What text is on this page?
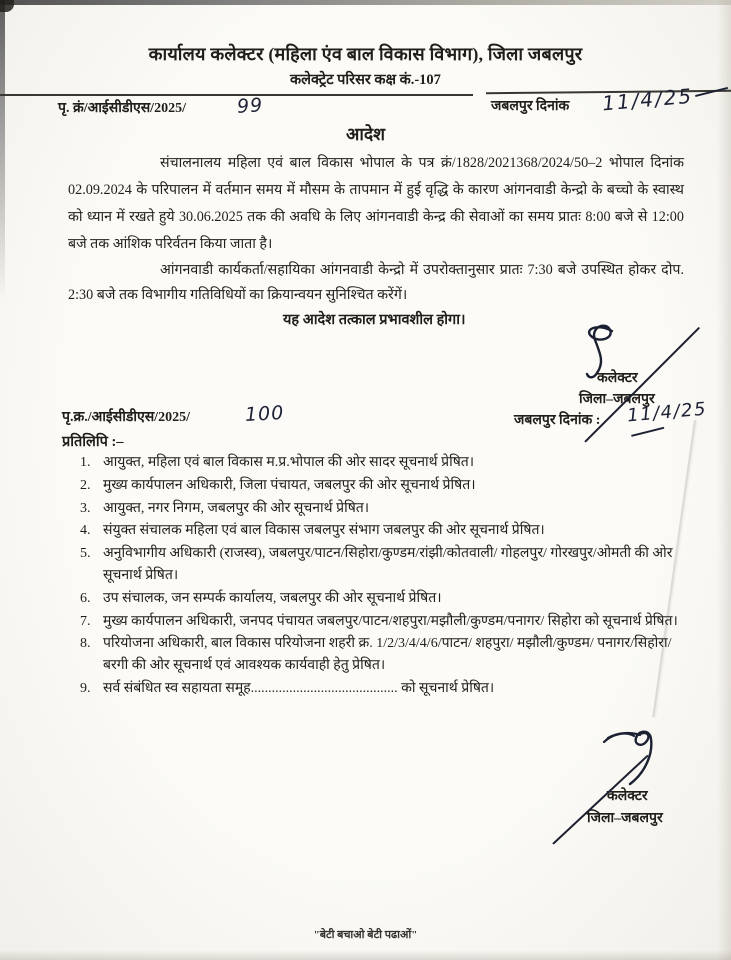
कार्यालय कलेक्टर (महिला एंव बाल विकास विभाग), जिला जबलपुर
कलेक्ट्रेट परिसर कक्ष कं.-107
पृ. क्रं/आईसीडीएस/2025/	99	जबलपुर दिनांक 11/4/25
आदेश
संचालनालय महिला एवं बाल विकास भोपाल के पत्र क्रं/1828/2021368/2024/50–2 भोपाल दिनांक 02.09.2024 के परिपालन में वर्तमान समय में मौसम के तापमान में हुई वृद्धि के कारण आंगनवाडी केन्द्रो के बच्चो के स्वास्थ को ध्यान में रखते हुये 30.06.2025 तक की अवधि के लिए आंगनवाडी केन्द्र की सेवाओं का समय प्रातः 8:00 बजे से 12:00 बजे तक आंशिक परिर्वतन किया जाता है।
आंगनवाडी कार्यकर्ता/सहायिका आंगनवाडी केन्द्रो में उपरोक्तानुसार प्रातः 7:30 बजे उपस्थित होकर दोप. 2:30 बजे तक विभागीय गतिविधियों का क्रियान्वयन सुनिश्चित करेंगें।
यह आदेश तत्काल प्रभावशील होगा।
कलेक्टर
जिला–जबलपुर
जबलपुर दिनांक : 11/4/25
पृ.क्र./आईसीडीएस/2025/	100
प्रतिलिपि :–
1. आयुक्त, महिला एवं बाल विकास म.प्र.भोपाल की ओर सादर सूचनार्थ प्रेषित।
2. मुख्य कार्यपालन अधिकारी, जिला पंचायत, जबलपुर की ओर सूचनार्थ प्रेषित।
3. आयुक्त, नगर निगम, जबलपुर की ओर सूचनार्थ प्रेषित।
4. संयुक्त संचालक महिला एवं बाल विकास जबलपुर संभाग जबलपुर की ओर सूचनार्थ प्रेषित।
5. अनुविभागीय अधिकारी (राजस्व), जबलपुर/पाटन/सिहोरा/कुण्डम/रांझी/कोतवाली/ गोहलपुर/ गोरखपुर/ओमती की ओर सूचनार्थ प्रेषित।
6. उप संचालक, जन सम्पर्क कार्यालय, जबलपुर की ओर सूचनार्थ प्रेषित।
7. मुख्य कार्यपालन अधिकारी, जनपद पंचायत जबलपुर/पाटन/शहपुरा/मझौली/कुण्डम/पनागर/ सिहोरा को सूचनार्थ प्रेषित।
8. परियोजना अधिकारी, बाल विकास परियोजना शहरी क्र. 1/2/3/4/4/6/पाटन/ शहपुरा/ मझौली/कुण्डम/ पनागर/सिहोरा/बरगी की ओर सूचनार्थ एवं आवश्यक कार्यवाही हेतु प्रेषित।
9. सर्व संबंधित स्व सहायता समूह.......................................... को सूचनार्थ प्रेषित।
कलेक्टर
जिला–जबलपुर
"बेटी बचाओ बेटी पढाओं"
